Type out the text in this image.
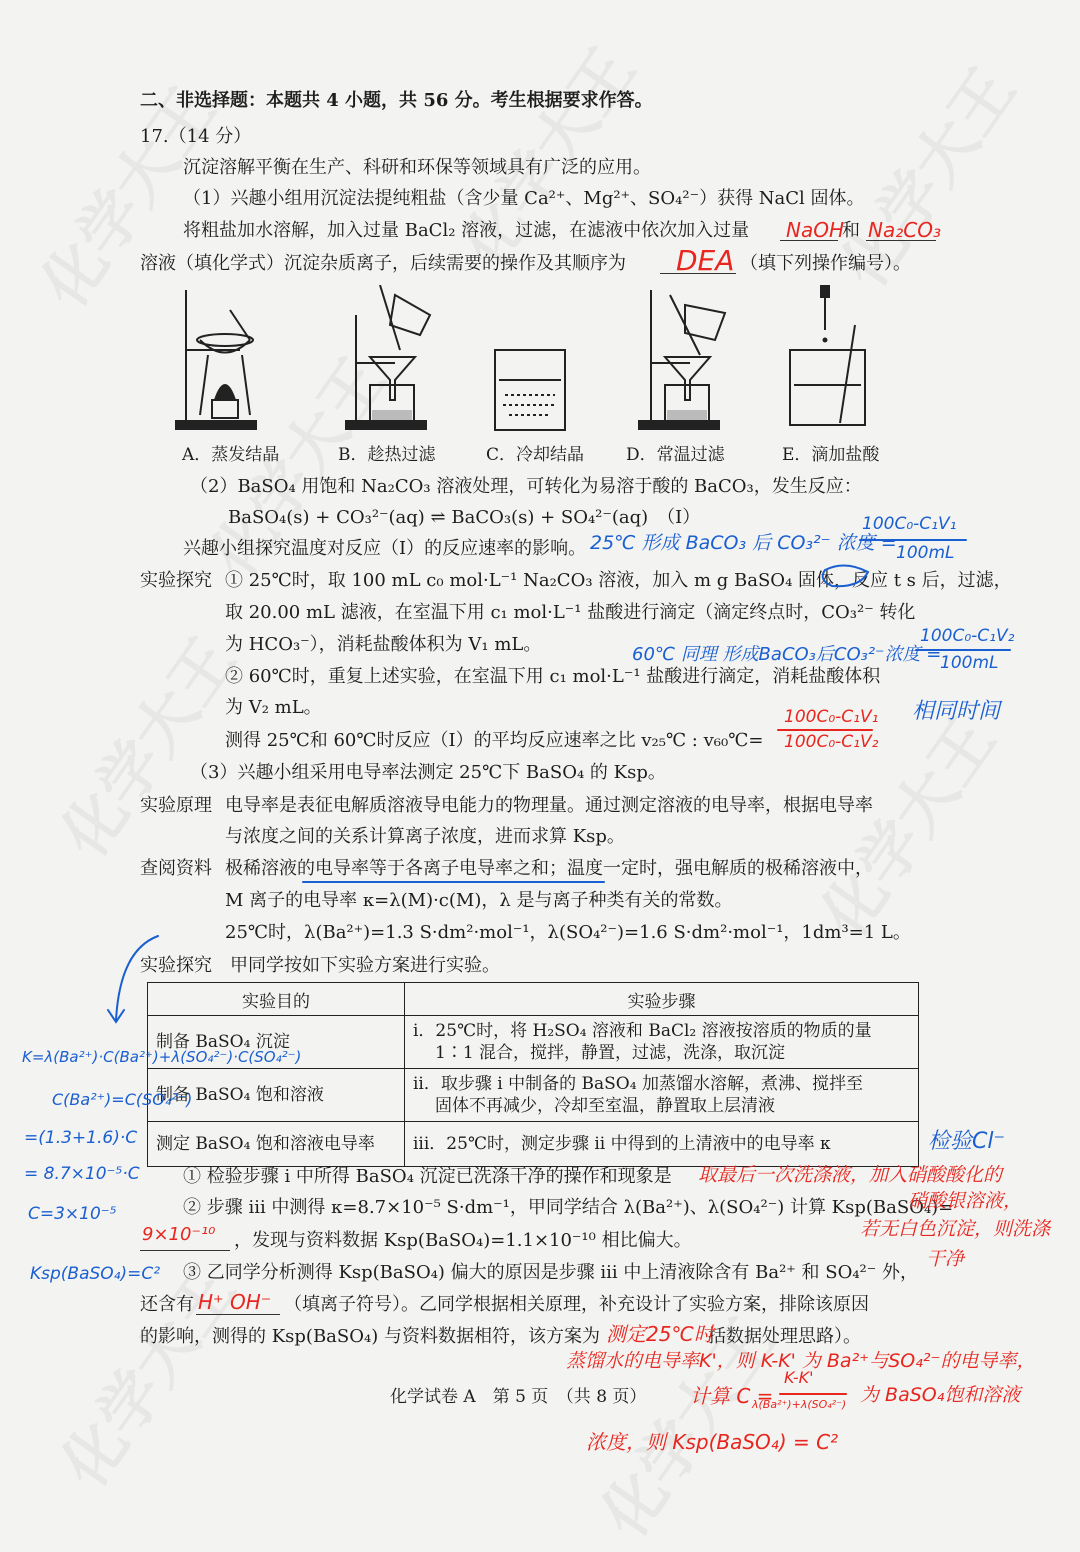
二、非选择题：本题共 4 小题，共 56 分。考生根据要求作答。
17.（14 分）
沉淀溶解平衡在生产、科研和环保等领域具有广泛的应用。
（1）兴趣小组用沉淀法提纯粗盐（含少量 Ca²⁺、Mg²⁺、SO₄²⁻）获得 NaCl 固体。
将粗盐加水溶解，加入过量 BaCl₂ 溶液，过滤，在滤液中依次加入过量	和
溶液（填化学式）沉淀杂质离子，后续需要的操作及其顺序为	（填下列操作编号）。
A．蒸发结晶	B．趁热过滤	C．冷却结晶 D．常温过滤	E．滴加盐酸
（2）BaSO₄ 用饱和 Na₂CO₃ 溶液处理，可转化为易溶于酸的 BaCO₃，发生反应：
BaSO₄(s) + CO₃²⁻(aq) ⇌ BaCO₃(s) + SO₄²⁻(aq)　（I）
兴趣小组探究温度对反应（I）的反应速率的影响。
实验探究 ① 25℃时，取 100 mL c₀ mol·L⁻¹ Na₂CO₃ 溶液，加入 m g BaSO₄ 固体，反应 t s 后，过滤，
取 20.00 mL 滤液，在室温下用 c₁ mol·L⁻¹ 盐酸进行滴定（滴定终点时，CO₃²⁻ 转化
为 HCO₃⁻），消耗盐酸体积为 V₁ mL。
② 60℃时，重复上述实验，在室温下用 c₁ mol·L⁻¹ 盐酸进行滴定，消耗盐酸体积
为 V₂ mL。
测得 25℃和 60℃时反应（I）的平均反应速率之比 v₂₅℃ : v₆₀℃=
（3）兴趣小组采用电导率法测定 25℃下 BaSO₄ 的 Ksp。
实验原理 电导率是表征电解质溶液导电能力的物理量。通过测定溶液的电导率，根据电导率
与浓度之间的关系计算离子浓度，进而求算 Ksp。
查阅资料 极稀溶液的电导率等于各离子电导率之和；温度一定时，强电解质的极稀溶液中，
M 离子的电导率 κ=λ(M)·c(M)，λ 是与离子种类有关的常数。
25℃时，λ(Ba²⁺)=1.3 S·dm²·mol⁻¹，λ(SO₄²⁻)=1.6 S·dm²·mol⁻¹，1dm³=1 L。
实验探究　甲同学按如下实验方案进行实验。
实验目的	实验步骤
制备 BaSO₄ 沉淀	i．25℃时，将 H₂SO₄ 溶液和 BaCl₂ 溶液按溶质的物质的量
1∶1 混合，搅拌，静置，过滤，洗涤，取沉淀

制备 BaSO₄ 饱和溶液	ii．取步骤 i 中制备的 BaSO₄ 加蒸馏水溶解，煮沸、搅拌至
固体不再减少，冷却至室温，静置取上层清液

测定 BaSO₄ 饱和溶液电导率	iii．25℃时，测定步骤 ii 中得到的上清液中的电导率 κ
① 检验步骤 i 中所得 BaSO₄ 沉淀已洗涤干净的操作和现象是
② 步骤 iii 中测得 κ=8.7×10⁻⁵ S·dm⁻¹，甲同学结合 λ(Ba²⁺)、λ(SO₄²⁻) 计算 Ksp(BaSO₄)=
，发现与资料数据 Ksp(BaSO₄)=1.1×10⁻¹⁰ 相比偏大。
③ 乙同学分析测得 Ksp(BaSO₄) 偏大的原因是步骤 iii 中上清液除含有 Ba²⁺ 和 SO₄²⁻ 外，
还含有	（填离子符号）。乙同学根据相关原理，补充设计了实验方案，排除该原因
的影响，测得的 Ksp(BaSO₄) 与资料数据相符，该方案为	括数据处理思路）。
化学试卷 A　第 5 页　（共 8 页）
NaOH Na₂CO₃
DEA
25℃ 形成 BaCO₃ 后 CO₃²⁻ 浓度 =
100C₀-C₁V₁
100mL
60℃ 同理 形成BaCO₃后CO₃²⁻浓度 =
100C₀-C₁V₂
100mL
相同时间
100C₀-C₁V₁
100C₀-C₁V₂
K=λ(Ba²⁺)·C(Ba²⁺)+λ(SO₄²⁻)·C(SO₄²⁻)
C(Ba²⁺)=C(SO₄²⁻)
=(1.3+1.6)·C
= 8.7×10⁻⁵·C
C=3×10⁻⁵
Ksp(BaSO₄)=C²
9×10⁻¹⁰
检验Cl⁻
取最后一次洗涤液，加入硝酸酸化的
硝酸银溶液，
若无白色沉淀，则洗涤
干净
H⁺ OH⁻
测定25℃时
蒸馏水的电导率K'，则 K-K' 为 Ba²⁺与SO₄²⁻的电导率，
计算 C =
K-K'
λ(Ba²⁺)+λ(SO₄²⁻) 为 BaSO₄饱和溶液
浓度，则 Ksp(BaSO₄) = C²
